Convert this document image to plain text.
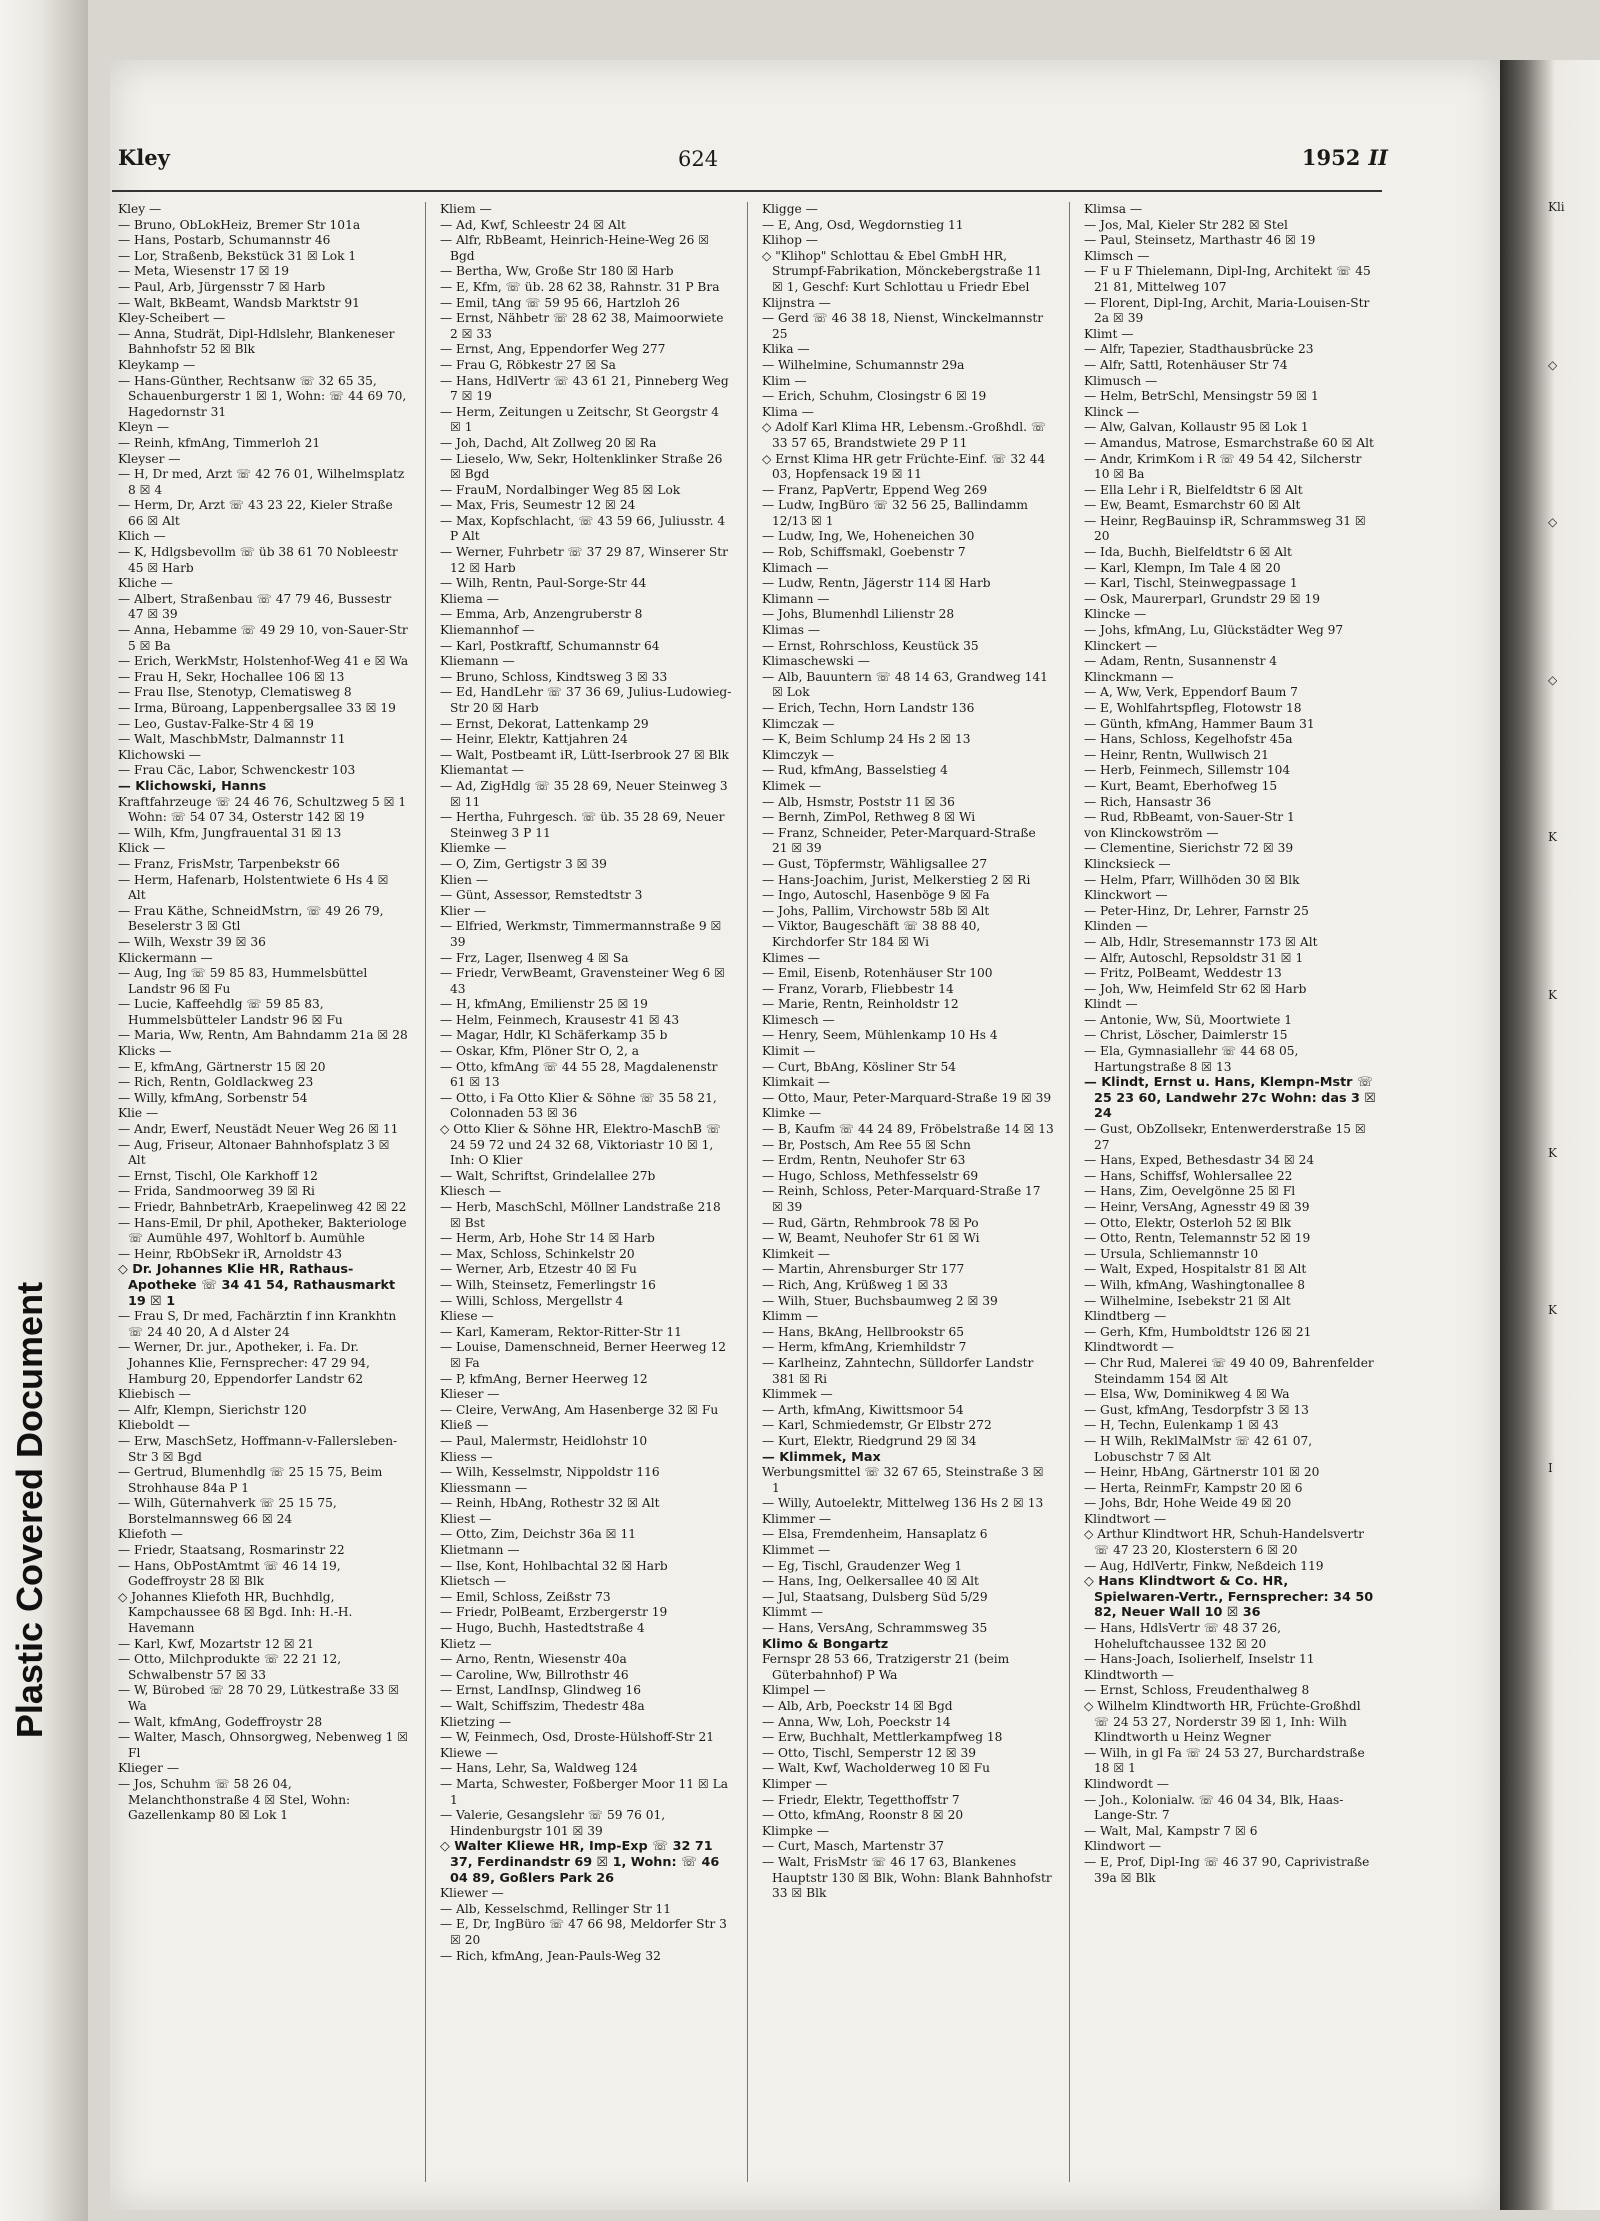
Plastic Covered Document
Kley	624	1952 II

Kley —

— Bruno, ObLokHeiz, Bremer Str 101a

— Hans, Postarb, Schumannstr 46

— Lor, Straßenb, Bekstück 31 ☒ Lok 1

— Meta, Wiesenstr 17 ☒ 19

— Paul, Arb, Jürgensstr 7 ☒ Harb

— Walt, BkBeamt, Wandsb Marktstr 91

Kley-Scheibert —

— Anna, Studrät, Dipl-Hdlslehr, Blankeneser Bahnhofstr 52 ☒ Blk

Kleykamp —

— Hans-Günther, Rechtsanw ☏ 32 65 35, Schauenburgerstr 1 ☒ 1, Wohn: ☏ 44 69 70, Hagedornstr 31

Kleyn —

— Reinh, kfmAng, Timmerloh 21

Kleyser —

— H, Dr med, Arzt ☏ 42 76 01, Wilhelmsplatz 8 ☒ 4

— Herm, Dr, Arzt ☏ 43 23 22, Kieler Straße 66 ☒ Alt

Klich —

— K, Hdlgsbevollm ☏ üb 38 61 70 Nobleestr 45 ☒ Harb

Kliche —

— Albert, Straßenbau ☏ 47 79 46, Bussestr 47 ☒ 39

— Anna, Hebamme ☏ 49 29 10, von-Sauer-Str 5 ☒ Ba

— Erich, WerkMstr, Holstenhof-Weg 41 e ☒ Wa

— Frau H, Sekr, Hochallee 106 ☒ 13

— Frau Ilse, Stenotyp, Clematisweg 8

— Irma, Büroang, Lappenbergsallee 33 ☒ 19

— Leo, Gustav-Falke-Str 4 ☒ 19

— Walt, MaschbMstr, Dalmannstr 11

Klichowski —

— Frau Cäc, Labor, Schwenckestr 103

— Klichowski, Hanns

Kraftfahrzeuge ☏ 24 46 76, Schultzweg 5 ☒ 1 Wohn: ☏ 54 07 34, Osterstr 142 ☒ 19

— Wilh, Kfm, Jungfrauental 31 ☒ 13

Klick —

— Franz, FrisMstr, Tarpenbekstr 66

— Herm, Hafenarb, Holstentwiete 6 Hs 4 ☒ Alt

— Frau Käthe, SchneidMstrn, ☏ 49 26 79, Beselerstr 3 ☒ Gtl

— Wilh, Wexstr 39 ☒ 36

Klickermann —

— Aug, Ing ☏ 59 85 83, Hummelsbüttel Landstr 96 ☒ Fu

— Lucie, Kaffeehdlg ☏ 59 85 83, Hummelsbütteler Landstr 96 ☒ Fu

— Maria, Ww, Rentn, Am Bahndamm 21a ☒ 28

Klicks —

— E, kfmAng, Gärtnerstr 15 ☒ 20

— Rich, Rentn, Goldlackweg 23

— Willy, kfmAng, Sorbenstr 54

Klie —

— Andr, Ewerf, Neustädt Neuer Weg 26 ☒ 11

— Aug, Friseur, Altonaer Bahnhofsplatz 3 ☒ Alt

— Ernst, Tischl, Ole Karkhoff 12

— Frida, Sandmoorweg 39 ☒ Ri

— Friedr, BahnbetrArb, Kraepelinweg 42 ☒ 22

— Hans-Emil, Dr phil, Apotheker, Bakteriologe ☏ Aumühle 497, Wohltorf b. Aumühle

— Heinr, RbObSekr iR, Arnoldstr 43

◇ Dr. Johannes Klie HR, Rathaus-Apotheke ☏ 34 41 54, Rathausmarkt 19 ☒ 1

— Frau S, Dr med, Fachärztin f inn Krankhtn ☏ 24 40 20, A d Alster 24

— Werner, Dr. jur., Apotheker, i. Fa. Dr. Johannes Klie, Fernsprecher: 47 29 94, Hamburg 20, Eppendorfer Landstr 62

Kliebisch —

— Alfr, Klempn, Sierichstr 120

Klieboldt —

— Erw, MaschSetz, Hoffmann-v-Fallersleben-Str 3 ☒ Bgd

— Gertrud, Blumenhdlg ☏ 25 15 75, Beim Strohhause 84a P 1

— Wilh, Güternahverk ☏ 25 15 75, Borstelmannsweg 66 ☒ 24

Kliefoth —

— Friedr, Staatsang, Rosmarinstr 22

— Hans, ObPostAmtmt ☏ 46 14 19, Godeffroystr 28 ☒ Blk

◇ Johannes Kliefoth HR, Buchhdlg, Kampchaussee 68 ☒ Bgd. Inh: H.-H. Havemann

— Karl, Kwf, Mozartstr 12 ☒ 21

— Otto, Milchprodukte ☏ 22 21 12, Schwalbenstr 57 ☒ 33

— W, Bürobed ☏ 28 70 29, Lütkestraße 33 ☒ Wa

— Walt, kfmAng, Godeffroystr 28

— Walter, Masch, Ohnsorgweg, Nebenweg 1 ☒ Fl

Klieger —

— Jos, Schuhm ☏ 58 26 04, Melanchthonstraße 4 ☒ Stel, Wohn: Gazellenkamp 80 ☒ Lok 1

Kliem —

— Ad, Kwf, Schleestr 24 ☒ Alt

— Alfr, RbBeamt, Heinrich-Heine-Weg 26 ☒ Bgd

— Bertha, Ww, Große Str 180 ☒ Harb

— E, Kfm, ☏ üb. 28 62 38, Rahnstr. 31 P Bra

— Emil, tAng ☏ 59 95 66, Hartzloh 26

— Ernst, Nähbetr ☏ 28 62 38, Maimoorwiete 2 ☒ 33

— Ernst, Ang, Eppendorfer Weg 277

— Frau G, Röbkestr 27 ☒ Sa

— Hans, HdlVertr ☏ 43 61 21, Pinneberg Weg 7 ☒ 19

— Herm, Zeitungen u Zeitschr, St Georgstr 4 ☒ 1

— Joh, Dachd, Alt Zollweg 20 ☒ Ra

— Lieselo, Ww, Sekr, Holtenklinker Straße 26 ☒ Bgd

— FrauM, Nordalbinger Weg 85 ☒ Lok

— Max, Fris, Seumestr 12 ☒ 24

— Max, Kopfschlacht, ☏ 43 59 66, Juliusstr. 4 P Alt

— Werner, Fuhrbetr ☏ 37 29 87, Winserer Str 12 ☒ Harb

— Wilh, Rentn, Paul-Sorge-Str 44

Kliema —

— Emma, Arb, Anzengruberstr 8

Kliemannhof —

— Karl, Postkraftf, Schumannstr 64

Kliemann —

— Bruno, Schloss, Kindtsweg 3 ☒ 33

— Ed, HandLehr ☏ 37 36 69, Julius-Ludowieg-Str 20 ☒ Harb

— Ernst, Dekorat, Lattenkamp 29

— Heinr, Elektr, Kattjahren 24

— Walt, Postbeamt iR, Lütt-Iserbrook 27 ☒ Blk

Kliemantat —

— Ad, ZigHdlg ☏ 35 28 69, Neuer Steinweg 3 ☒ 11

— Hertha, Fuhrgesch. ☏ üb. 35 28 69, Neuer Steinweg 3 P 11

Kliemke —

— O, Zim, Gertigstr 3 ☒ 39

Klien —

— Günt, Assessor, Remstedtstr 3

Klier —

— Elfried, Werkmstr, Timmermannstraße 9 ☒ 39

— Frz, Lager, Ilsenweg 4 ☒ Sa

— Friedr, VerwBeamt, Gravensteiner Weg 6 ☒ 43

— H, kfmAng, Emilienstr 25 ☒ 19

— Helm, Feinmech, Krausestr 41 ☒ 43

— Magar, Hdlr, Kl Schäferkamp 35 b

— Oskar, Kfm, Plöner Str O, 2, a

— Otto, kfmAng ☏ 44 55 28, Magdalenenstr 61 ☒ 13

— Otto, i Fa Otto Klier & Söhne ☏ 35 58 21, Colonnaden 53 ☒ 36

◇ Otto Klier & Söhne HR, Elektro-MaschB ☏ 24 59 72 und 24 32 68, Viktoriastr 10 ☒ 1, Inh: O Klier

— Walt, Schriftst, Grindelallee 27b

Kliesch —

— Herb, MaschSchl, Möllner Landstraße 218 ☒ Bst

— Herm, Arb, Hohe Str 14 ☒ Harb

— Max, Schloss, Schinkelstr 20

— Werner, Arb, Etzestr 40 ☒ Fu

— Wilh, Steinsetz, Femerlingstr 16

— Willi, Schloss, Mergellstr 4

Kliese —

— Karl, Kameram, Rektor-Ritter-Str 11

— Louise, Damenschneid, Berner Heerweg 12 ☒ Fa

— P, kfmAng, Berner Heerweg 12

Klieser —

— Cleire, VerwAng, Am Hasenberge 32 ☒ Fu

Kließ —

— Paul, Malermstr, Heidlohstr 10

Kliess —

— Wilh, Kesselmstr, Nippoldstr 116

Kliessmann —

— Reinh, HbAng, Rothestr 32 ☒ Alt

Kliest —

— Otto, Zim, Deichstr 36a ☒ 11

Klietmann —

— Ilse, Kont, Hohlbachtal 32 ☒ Harb

Klietsch —

— Emil, Schloss, Zeißstr 73

— Friedr, PolBeamt, Erzbergerstr 19

— Hugo, Buchh, Hastedtstraße 4

Klietz —

— Arno, Rentn, Wiesenstr 40a

— Caroline, Ww, Billrothstr 46

— Ernst, LandInsp, Glindweg 16

— Walt, Schiffszim, Thedestr 48a

Klietzing —

— W, Feinmech, Osd, Droste-Hülshoff-Str 21

Kliewe —

— Hans, Lehr, Sa, Waldweg 124

— Marta, Schwester, Foßberger Moor 11 ☒ La 1

— Valerie, Gesangslehr ☏ 59 76 01, Hindenburgstr 101 ☒ 39

◇ Walter Kliewe HR, Imp-Exp ☏ 32 71 37, Ferdinandstr 69 ☒ 1, Wohn: ☏ 46 04 89, Goßlers Park 26

Kliewer —

— Alb, Kesselschmd, Rellinger Str 11

— E, Dr, IngBüro ☏ 47 66 98, Meldorfer Str 3 ☒ 20

— Rich, kfmAng, Jean-Pauls-Weg 32

Kligge —

— E, Ang, Osd, Wegdornstieg 11

Klihop —

◇ "Klihop" Schlottau & Ebel GmbH HR, Strumpf-Fabrikation, Mönckebergstraße 11 ☒ 1, Geschf: Kurt Schlottau u Friedr Ebel

Klijnstra —

— Gerd ☏ 46 38 18, Nienst, Winckelmannstr 25

Klika —

— Wilhelmine, Schumannstr 29a

Klim —

— Erich, Schuhm, Closingstr 6 ☒ 19

Klima —

◇ Adolf Karl Klima HR, Lebensm.-Großhdl. ☏ 33 57 65, Brandstwiete 29 P 11

◇ Ernst Klima HR getr Früchte-Einf. ☏ 32 44 03, Hopfensack 19 ☒ 11

— Franz, PapVertr, Eppend Weg 269

— Ludw, IngBüro ☏ 32 56 25, Ballindamm 12/13 ☒ 1

— Ludw, Ing, We, Hoheneichen 30

— Rob, Schiffsmakl, Goebenstr 7

Klimach —

— Ludw, Rentn, Jägerstr 114 ☒ Harb

Klimann —

— Johs, Blumenhdl Lilienstr 28

Klimas —

— Ernst, Rohrschloss, Keustück 35

Klimaschewski —

— Alb, Bauuntern ☏ 48 14 63, Grandweg 141 ☒ Lok

— Erich, Techn, Horn Landstr 136

Klimczak —

— K, Beim Schlump 24 Hs 2 ☒ 13

Klimczyk —

— Rud, kfmAng, Basselstieg 4

Klimek —

— Alb, Hsmstr, Poststr 11 ☒ 36

— Bernh, ZimPol, Rethweg 8 ☒ Wi

— Franz, Schneider, Peter-Marquard-Straße 21 ☒ 39

— Gust, Töpfermstr, Wähligsallee 27

— Hans-Joachim, Jurist, Melkerstieg 2 ☒ Ri

— Ingo, Autoschl, Hasenböge 9 ☒ Fa

— Johs, Pallim, Virchowstr 58b ☒ Alt

— Viktor, Baugeschäft ☏ 38 88 40, Kirchdorfer Str 184 ☒ Wi

Klimes —

— Emil, Eisenb, Rotenhäuser Str 100

— Franz, Vorarb, Fliebbestr 14

— Marie, Rentn, Reinholdstr 12

Klimesch —

— Henry, Seem, Mühlenkamp 10 Hs 4

Klimit —

— Curt, BbAng, Kösliner Str 54

Klimkait —

— Otto, Maur, Peter-Marquard-Straße 19 ☒ 39

Klimke —

— B, Kaufm ☏ 44 24 89, Fröbelstraße 14 ☒ 13

— Br, Postsch, Am Ree 55 ☒ Schn

— Erdm, Rentn, Neuhofer Str 63

— Hugo, Schloss, Methfesselstr 69

— Reinh, Schloss, Peter-Marquard-Straße 17 ☒ 39

— Rud, Gärtn, Rehmbrook 78 ☒ Po

— W, Beamt, Neuhofer Str 61 ☒ Wi

Klimkeit —

— Martin, Ahrensburger Str 177

— Rich, Ang, Krüßweg 1 ☒ 33

— Wilh, Stuer, Buchsbaumweg 2 ☒ 39

Klimm —

— Hans, BkAng, Hellbrookstr 65

— Herm, kfmAng, Kriemhildstr 7

— Karlheinz, Zahntechn, Sülldorfer Landstr 381 ☒ Ri

Klimmek —

— Arth, kfmAng, Kiwittsmoor 54

— Karl, Schmiedemstr, Gr Elbstr 272

— Kurt, Elektr, Riedgrund 29 ☒ 34

— Klimmek, Max

Werbungsmittel ☏ 32 67 65, Steinstraße 3 ☒ 1

— Willy, Autoelektr, Mittelweg 136 Hs 2 ☒ 13

Klimmer —

— Elsa, Fremdenheim, Hansaplatz 6

Klimmet —

— Eg, Tischl, Graudenzer Weg 1

— Hans, Ing, Oelkersallee 40 ☒ Alt

— Jul, Staatsang, Dulsberg Süd 5/29

Klimmt —

— Hans, VersAng, Schrammsweg 35

Klimo & Bongartz

Fernspr 28 53 66, Tratzigerstr 21 (beim Güterbahnhof) P Wa

Klimpel —

— Alb, Arb, Poeckstr 14 ☒ Bgd

— Anna, Ww, Loh, Poeckstr 14

— Erw, Buchhalt, Mettlerkampfweg 18

— Otto, Tischl, Semperstr 12 ☒ 39

— Walt, Kwf, Wacholderweg 10 ☒ Fu

Klimper —

— Friedr, Elektr, Tegetthoffstr 7

— Otto, kfmAng, Roonstr 8 ☒ 20

Klimpke —

— Curt, Masch, Martenstr 37

— Walt, FrisMstr ☏ 46 17 63, Blankenes Hauptstr 130 ☒ Blk, Wohn: Blank Bahnhofstr 33 ☒ Blk

Klimsa —

— Jos, Mal, Kieler Str 282 ☒ Stel

— Paul, Steinsetz, Marthastr 46 ☒ 19

Klimsch —

— F u F Thielemann, Dipl-Ing, Architekt ☏ 45 21 81, Mittelweg 107

— Florent, Dipl-Ing, Archit, Maria-Louisen-Str 2a ☒ 39

Klimt —

— Alfr, Tapezier, Stadthausbrücke 23

— Alfr, Sattl, Rotenhäuser Str 74

Klimusch —

— Helm, BetrSchl, Mensingstr 59 ☒ 1

Klinck —

— Alw, Galvan, Kollaustr 95 ☒ Lok 1

— Amandus, Matrose, Esmarchstraße 60 ☒ Alt

— Andr, KrimKom i R ☏ 49 54 42, Silcherstr 10 ☒ Ba

— Ella Lehr i R, Bielfeldtstr 6 ☒ Alt

— Ew, Beamt, Esmarchstr 60 ☒ Alt

— Heinr, RegBauinsp iR, Schrammsweg 31 ☒ 20

— Ida, Buchh, Bielfeldtstr 6 ☒ Alt

— Karl, Klempn, Im Tale 4 ☒ 20

— Karl, Tischl, Steinwegpassage 1

— Osk, Maurerparl, Grundstr 29 ☒ 19

Klincke —

— Johs, kfmAng, Lu, Glückstädter Weg 97

Klinckert —

— Adam, Rentn, Susannenstr 4

Klinckmann —

— A, Ww, Verk, Eppendorf Baum 7

— E, Wohlfahrtspfleg, Flotowstr 18

— Günth, kfmAng, Hammer Baum 31

— Hans, Schloss, Kegelhofstr 45a

— Heinr, Rentn, Wullwisch 21

— Herb, Feinmech, Sillemstr 104

— Kurt, Beamt, Eberhofweg 15

— Rich, Hansastr 36

— Rud, RbBeamt, von-Sauer-Str 1

von Klinckowström —

— Clementine, Sierichstr 72 ☒ 39

Klincksieck —

— Helm, Pfarr, Willhöden 30 ☒ Blk

Klinckwort —

— Peter-Hinz, Dr, Lehrer, Farnstr 25

Klinden —

— Alb, Hdlr, Stresemannstr 173 ☒ Alt

— Alfr, Autoschl, Repsoldstr 31 ☒ 1

— Fritz, PolBeamt, Weddestr 13

— Joh, Ww, Heimfeld Str 62 ☒ Harb

Klindt —

— Antonie, Ww, Sü, Moortwiete 1

— Christ, Löscher, Daimlerstr 15

— Ela, Gymnasiallehr ☏ 44 68 05, Hartungstraße 8 ☒ 13

— Klindt, Ernst u. Hans, Klempn-Mstr ☏ 25 23 60, Landwehr 27c Wohn: das 3 ☒ 24

— Gust, ObZollsekr, Entenwerderstraße 15 ☒ 27

— Hans, Exped, Bethesdastr 34 ☒ 24

— Hans, Schiffsf, Wohlersallee 22

— Hans, Zim, Oevelgönne 25 ☒ Fl

— Heinr, VersAng, Agnesstr 49 ☒ 39

— Otto, Elektr, Osterloh 52 ☒ Blk

— Otto, Rentn, Telemannstr 52 ☒ 19

— Ursula, Schliemannstr 10

— Walt, Exped, Hospitalstr 81 ☒ Alt

— Wilh, kfmAng, Washingtonallee 8

— Wilhelmine, Isebekstr 21 ☒ Alt

Klindtberg —

— Gerh, Kfm, Humboldtstr 126 ☒ 21

Klindtwordt —

— Chr Rud, Malerei ☏ 49 40 09, Bahrenfelder Steindamm 154 ☒ Alt

— Elsa, Ww, Dominikweg 4 ☒ Wa

— Gust, kfmAng, Tesdorpfstr 3 ☒ 13

— H, Techn, Eulenkamp 1 ☒ 43

— H Wilh, ReklMalMstr ☏ 42 61 07, Lobuschstr 7 ☒ Alt

— Heinr, HbAng, Gärtnerstr 101 ☒ 20

— Herta, ReinmFr, Kampstr 20 ☒ 6

— Johs, Bdr, Hohe Weide 49 ☒ 20

Klindtwort —

◇ Arthur Klindtwort HR, Schuh-Handelsvertr ☏ 47 23 20, Klosterstern 6 ☒ 20

— Aug, HdlVertr, Finkw, Neßdeich 119

◇ Hans Klindtwort & Co. HR, Spielwaren-Vertr., Fernsprecher: 34 50 82, Neuer Wall 10 ☒ 36

— Hans, HdlsVertr ☏ 48 37 26, Hoheluftchaussee 132 ☒ 20

— Hans-Joach, Isolierhelf, Inselstr 11

Klindtworth —

— Ernst, Schloss, Freudenthalweg 8

◇ Wilhelm Klindtworth HR, Früchte-Großhdl ☏ 24 53 27, Norderstr 39 ☒ 1, Inh: Wilh Klindtworth u Heinz Wegner

— Wilh, in gl Fa ☏ 24 53 27, Burchardstraße 18 ☒ 1

Klindwordt —

— Joh., Kolonialw. ☏ 46 04 34, Blk, Haas-Lange-Str. 7

— Walt, Mal, Kampstr 7 ☒ 6

Klindwort —

— E, Prof, Dipl-Ing ☏ 46 37 90, Caprivistraße 39a ☒ Blk

Kli
◇
◇
◇
K
K
K
K
I
